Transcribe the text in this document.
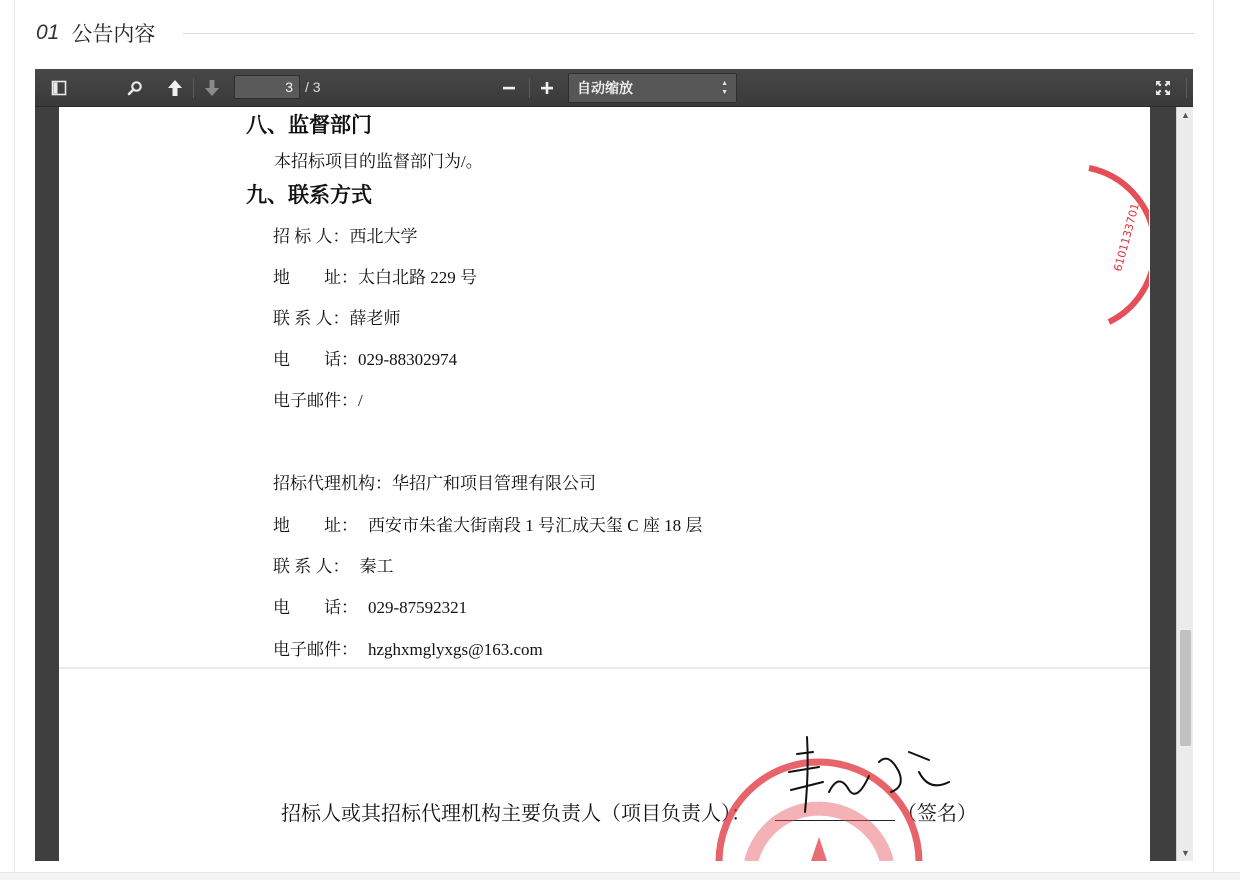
01 公告内容
3 / 3	自动缩放	▲
▼
八、监督部门
本招标项目的监督部门为/。
九、联系方式
招 标 人：西北大学
地　　址：太白北路 229 号
联 系 人：薛老师
电　　话：029-88302974
电子邮件：/
招标代理机构：华招广和项目管理有限公司
地　　址： 西安市朱雀大街南段 1 号汇成天玺 C 座 18 层
联 系 人： 秦工
电　　话： 029-87592321
电子邮件： hzghxmglyxgs@163.com
招标人或其招标代理机构主要负责人（项目负责人）：	（签名）
6101133701
▲
▼
